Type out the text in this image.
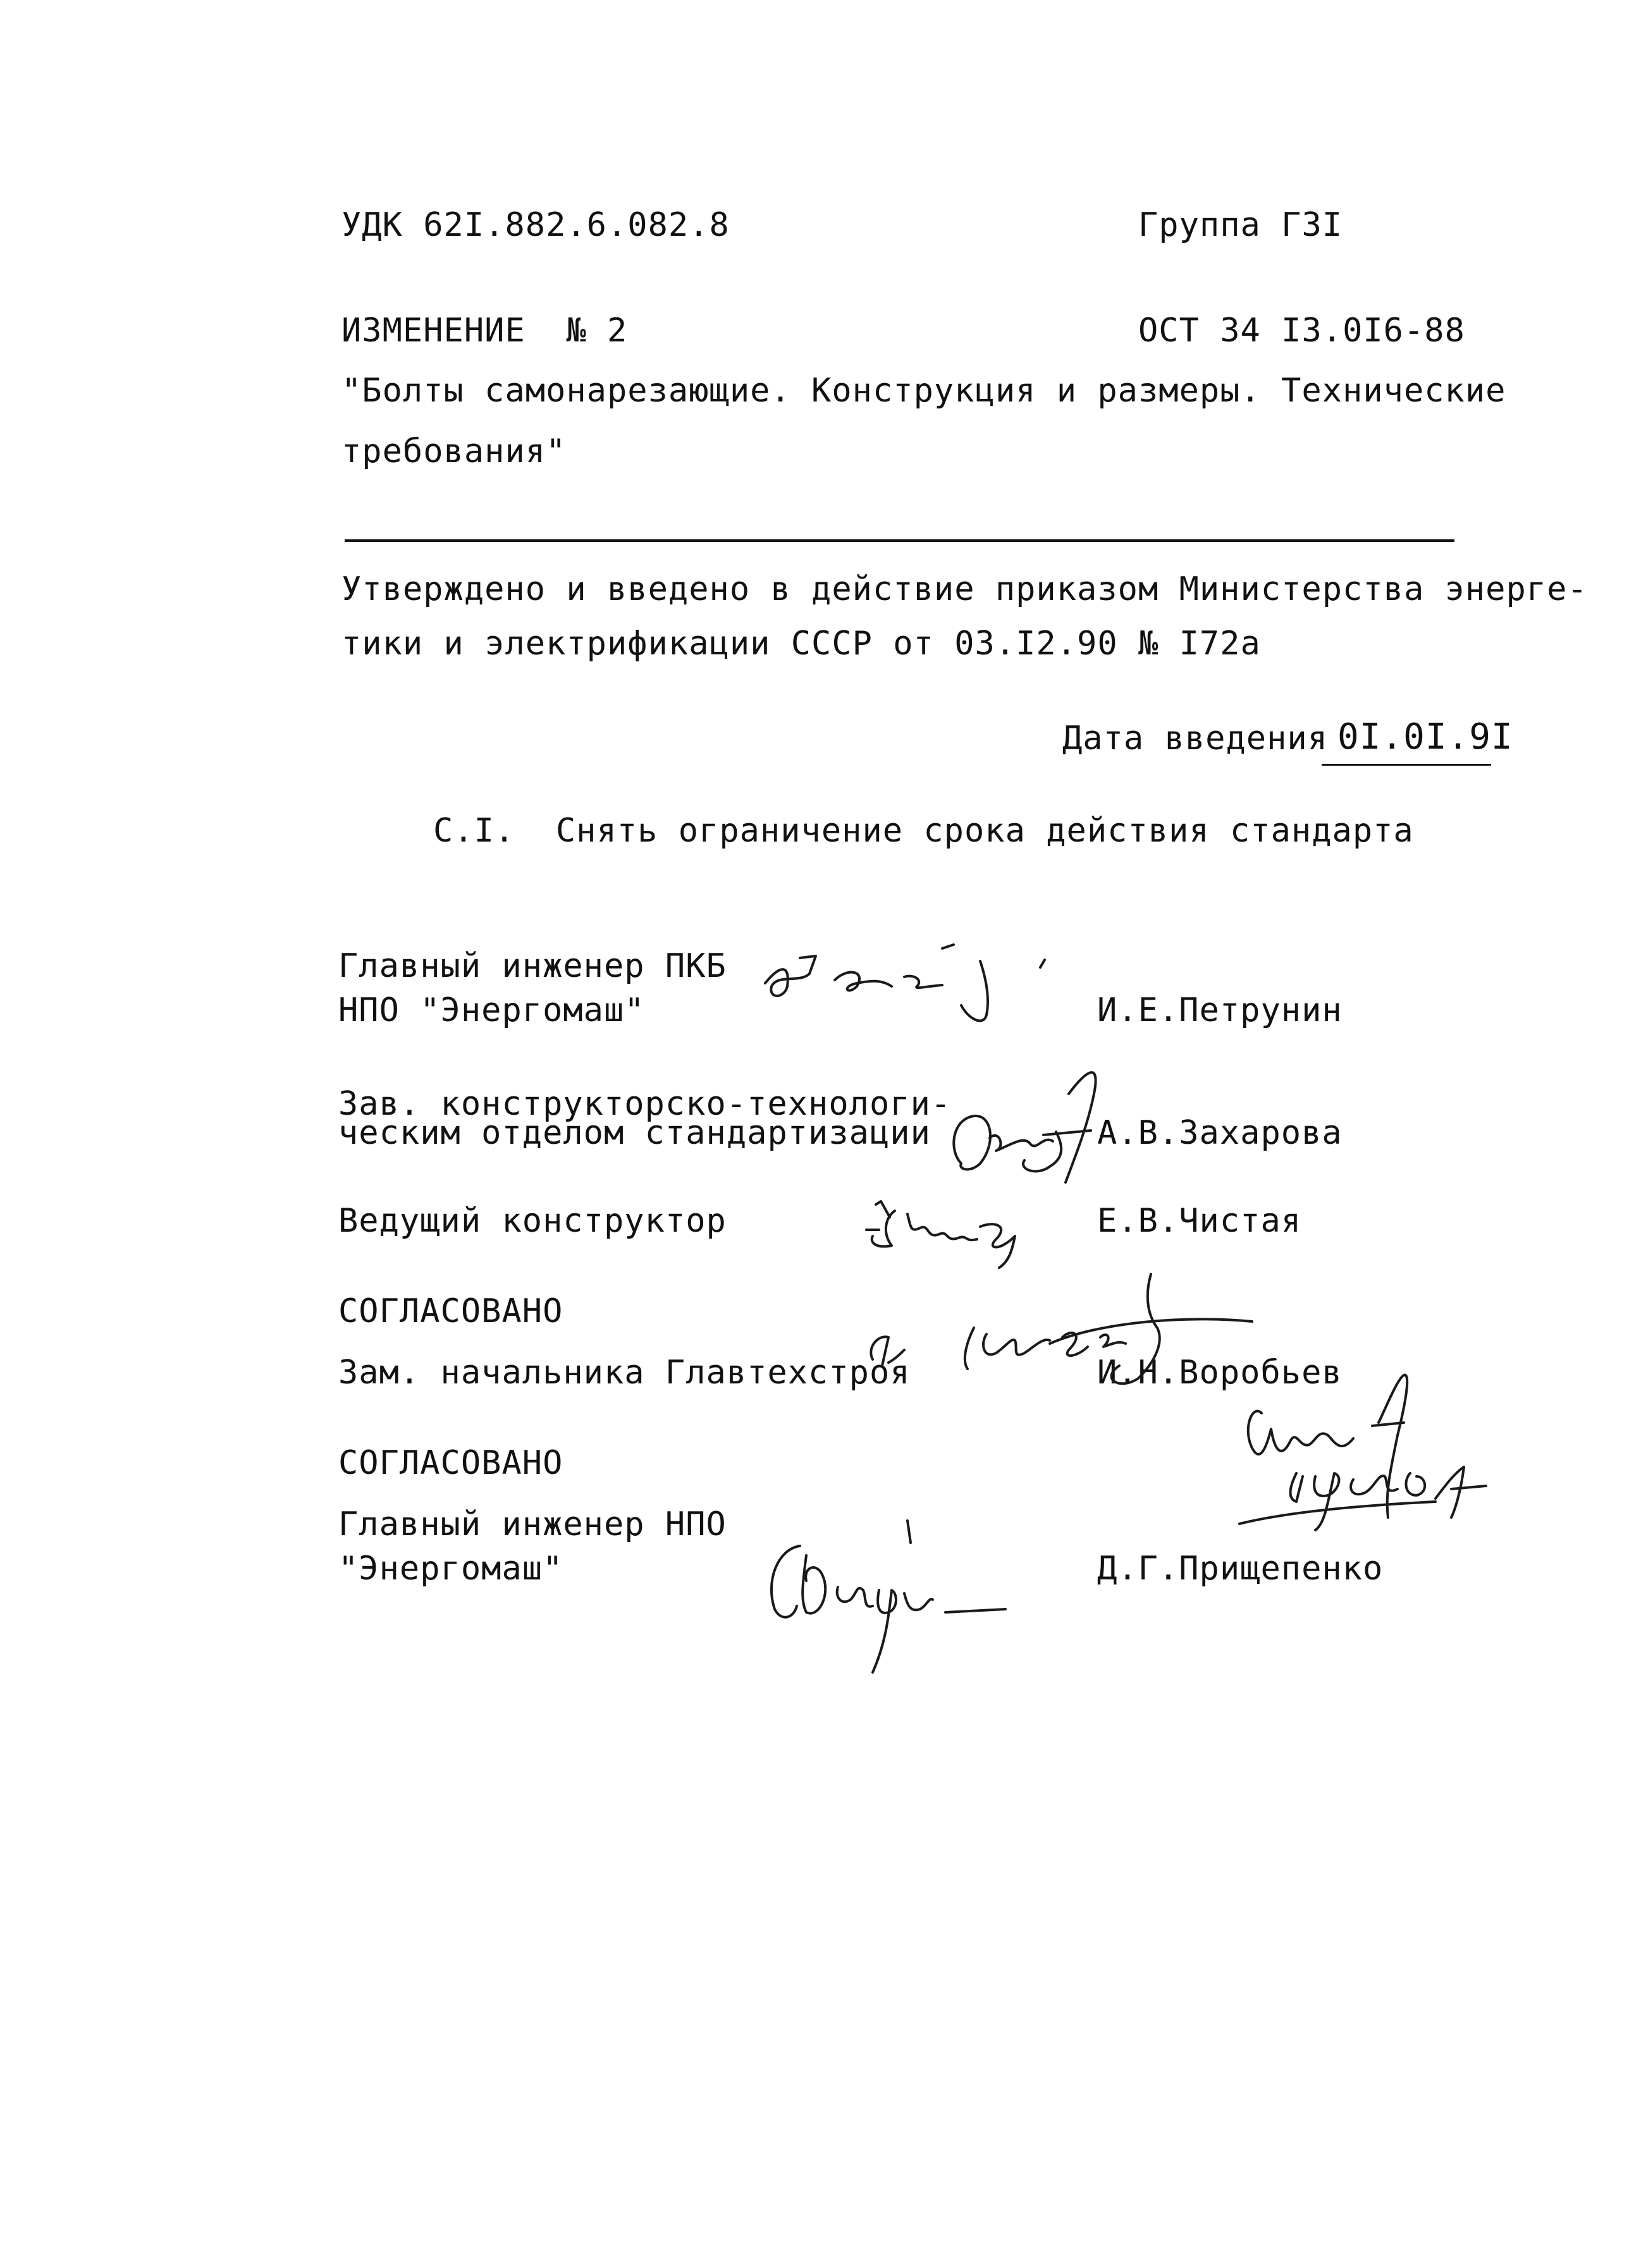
УДК 62I.882.6.082.8	Группа Г3I
ИЗМЕНЕНИЕ № 2	ОСТ 34 I3.0I6-88
"Болты самонарезающие. Конструкция и размеры. Технические
требования"
Утверждено и введено в действие приказом Министерства энерге-
тики и электрификации СССР от 03.I2.90 № I72а
Дата введения 0I.0I.9I
С.I. Снять ограничение срока действия стандарта
Главный инженер ПКБ
НПО "Энергомаш"	И.Е.Петрунин
Зав. конструкторско-технологи-
ческим отделом стандартизации	А.В.Захарова
Ведущий конструктор	Е.В.Чистая
СОГЛАСОВАНО
Зам. начальника Главтехстроя	И.Н.Воробьев
СОГЛАСОВАНО
Главный инженер НПО
"Энергомаш"	Д.Г.Прищепенко
